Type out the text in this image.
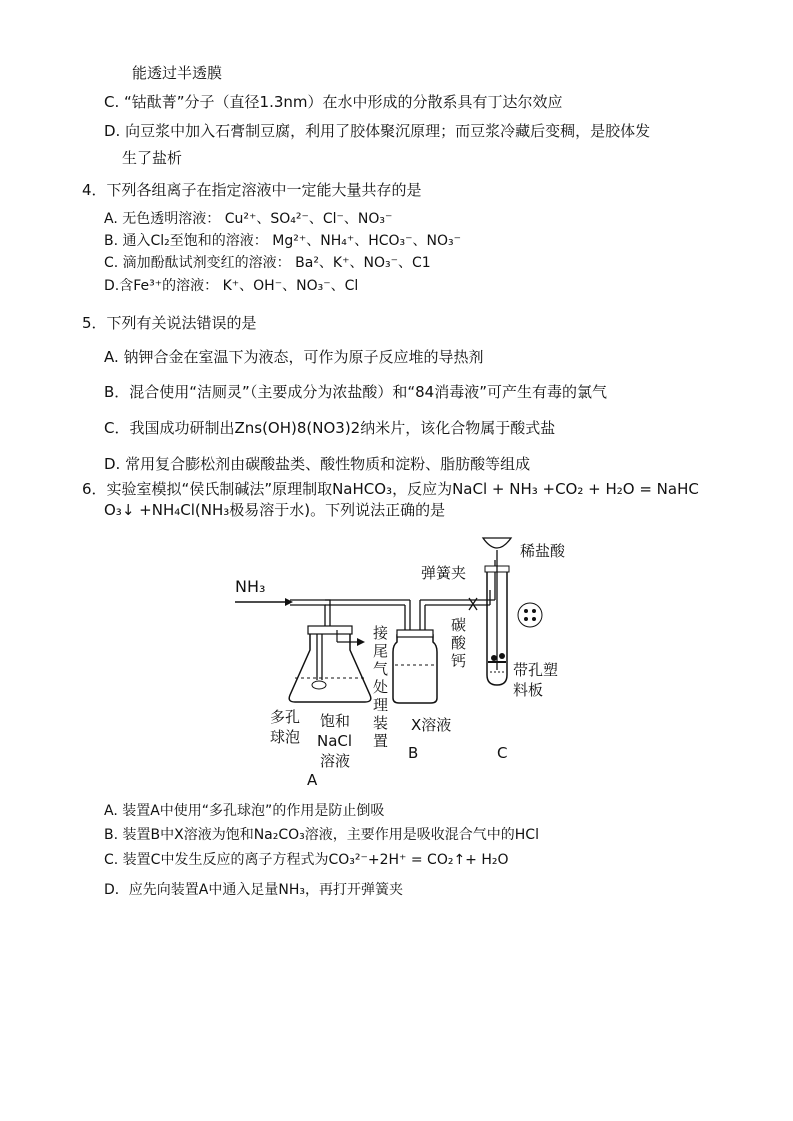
能透过半透膜
C. “钴酞菁”分子（直径1.3nm）在水中形成的分散系具有丁达尔效应
D. 向豆浆中加入石膏制豆腐，利用了胶体聚沉原理；而豆浆冷藏后变稠，是胶体发
生了盐析
4．下列各组离子在指定溶液中一定能大量共存的是
A. 无色透明溶液： Cu²⁺、SO₄²⁻、Cl⁻、NO₃⁻
B. 通入Cl₂至饱和的溶液： Mg²⁺、NH₄⁺、HCO₃⁻、NO₃⁻
C. 滴加酚酞试剂变红的溶液： Ba²、K⁺、NO₃⁻、C1
D.含Fe³⁺的溶液： K⁺、OH⁻、NO₃⁻、Cl
5．下列有关说法错误的是
A. 钠钾合金在室温下为液态，可作为原子反应堆的导热剂
B．混合使用“洁厕灵”（主要成分为浓盐酸）和“84消毒液”可产生有毒的氯气
C．我国成功研制出Zns(OH)8(NO3)2纳米片，该化合物属于酸式盐
D. 常用复合膨松剂由碳酸盐类、酸性物质和淀粉、脂肪酸等组成
6．实验室模拟“侯氏制碱法”原理制取NaHCO₃，反应为NaCl + NH₃ +CO₂ + H₂O = NaHC
O₃↓ +NH₄Cl(NH₃极易溶于水)。下列说法正确的是
NH₃
接
尾
气
处
理
装
置
多孔
球泡
饱和
NaCl
溶液
A
X溶液
B
弹簧夹
稀盐酸
碳
酸
钙	带孔塑
料板
C
A. 装置A中使用“多孔球泡”的作用是防止倒吸
B. 装置B中X溶液为饱和Na₂CO₃溶液，主要作用是吸收混合气中的HCl
C. 装置C中发生反应的离子方程式为CO₃²⁻+2H⁺ = CO₂↑+ H₂O
D．应先向装置A中通入足量NH₃，再打开弹簧夹
